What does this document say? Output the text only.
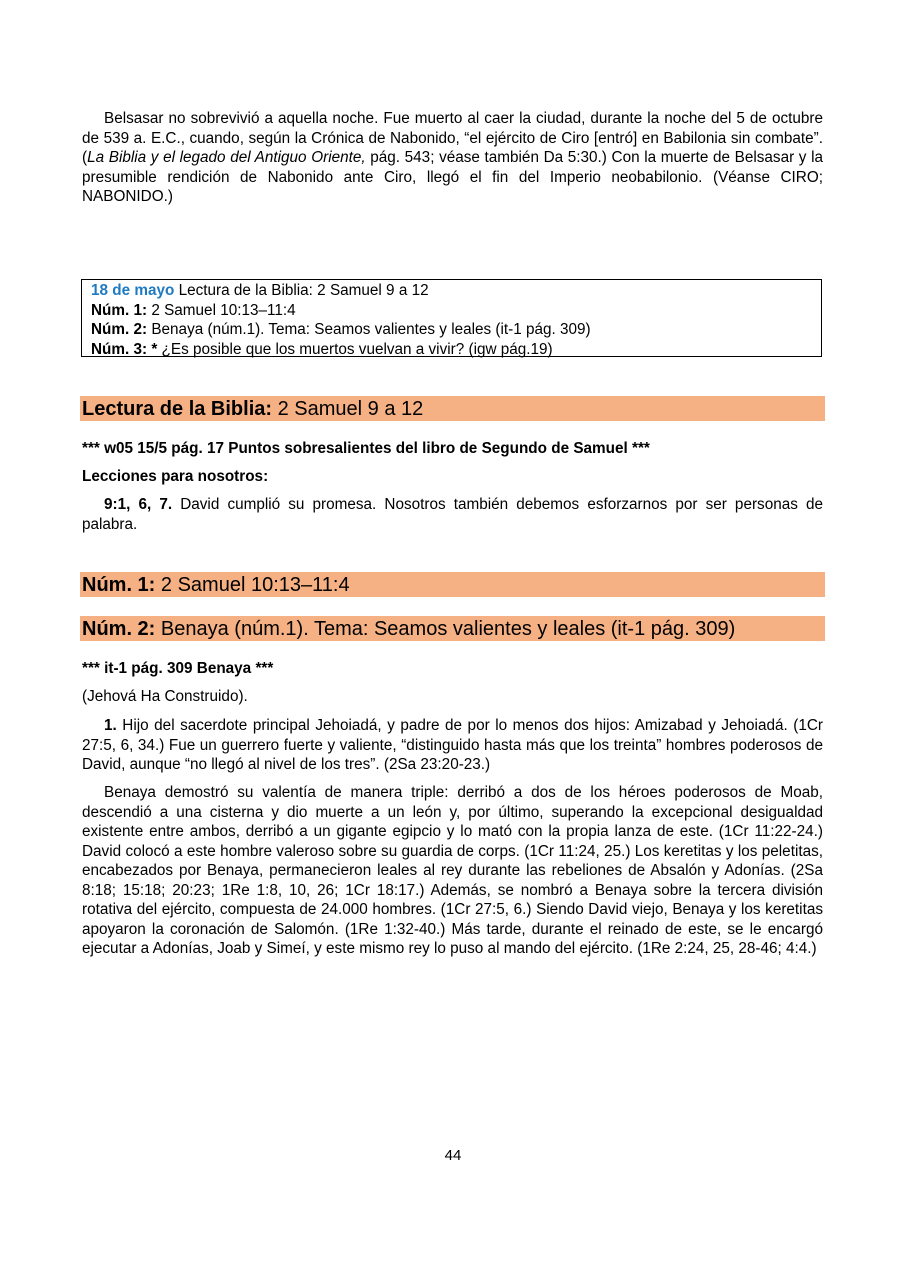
Belsasar no sobrevivió a aquella noche. Fue muerto al caer la ciudad, durante la noche del 5 de octubre de 539 a. E.C., cuando, según la Crónica de Nabonido, “el ejército de Ciro [entró] en Babilonia sin combate”. (La Biblia y el legado del Antiguo Oriente, pág. 543; véase también Da 5:30.) Con la muerte de Belsasar y la presumible rendición de Nabonido ante Ciro, llegó el fin del Imperio neobabilonio. (Véanse CIRO; NABONIDO.)

18 de mayo Lectura de la Biblia: 2 Samuel 9 a 12
Núm. 1: 2 Samuel 10:13–11:4
Núm. 2: Benaya (núm.1). Tema: Seamos valientes y leales (it-1 pág. 309)
Núm. 3: * ¿Es posible que los muertos vuelvan a vivir? (igw pág.19)
Lectura de la Biblia: 2 Samuel 9 a 12

*** w05 15/5 pág. 17 Puntos sobresalientes del libro de Segundo de Samuel ***

Lecciones para nosotros:

9:1, 6, 7. David cumplió su promesa. Nosotros también debemos esforzarnos por ser personas de palabra.

Núm. 1: 2 Samuel 10:13–11:4
Núm. 2: Benaya (núm.1). Tema: Seamos valientes y leales (it-1 pág. 309)

*** it-1 pág. 309 Benaya ***

(Jehová Ha Construido).

1. Hijo del sacerdote principal Jehoiadá, y padre de por lo menos dos hijos: Amizabad y Jehoiadá. (1Cr 27:5, 6, 34.) Fue un guerrero fuerte y valiente, “distinguido hasta más que los treinta” hombres poderosos de David, aunque “no llegó al nivel de los tres”. (2Sa 23:20-23.)

Benaya demostró su valentía de manera triple: derribó a dos de los héroes poderosos de Moab, descendió a una cisterna y dio muerte a un león y, por último, superando la excepcional desigualdad existente entre ambos, derribó a un gigante egipcio y lo mató con la propia lanza de este. (1Cr 11:22-24.) David colocó a este hombre valeroso sobre su guardia de corps. (1Cr 11:24, 25.) Los keretitas y los peletitas, encabezados por Benaya, permanecieron leales al rey durante las rebeliones de Absalón y Adonías. (2Sa 8:18; 15:18; 20:23; 1Re 1:8, 10, 26; 1Cr 18:17.) Además, se nombró a Benaya sobre la tercera división rotativa del ejército, compuesta de 24.000 hombres. (1Cr 27:5, 6.) Siendo David viejo, Benaya y los keretitas apoyaron la coronación de Salomón. (1Re 1:32-40.) Más tarde, durante el reinado de este, se le encargó ejecutar a Adonías, Joab y Simeí, y este mismo rey lo puso al mando del ejército. (1Re 2:24, 25, 28-46; 4:4.)

44
